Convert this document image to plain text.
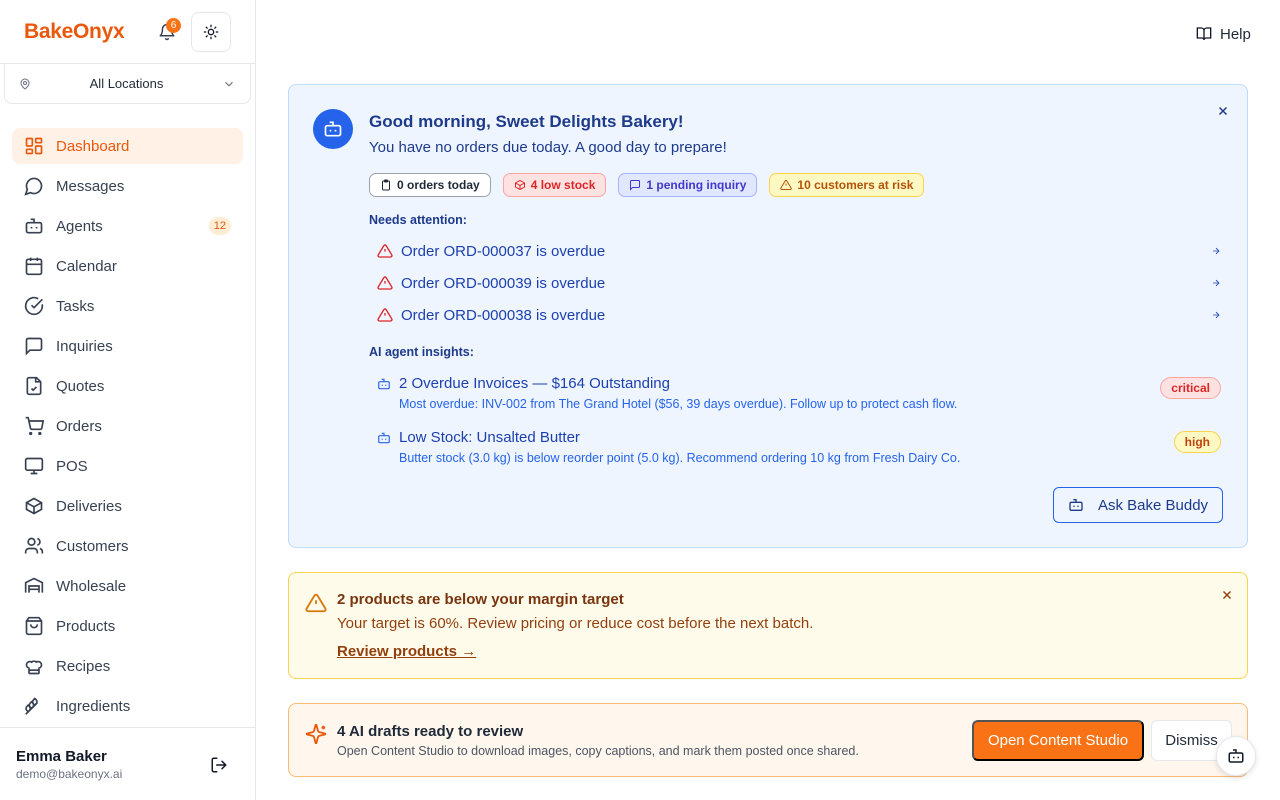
BakeOnyx	6
All Locations
Dashboard
Messages
Agents	12
Calendar
Tasks
Inquiries
Quotes
Orders
POS
Deliveries
Customers
Wholesale
Products
Recipes
Ingredients
Emma Baker
demo@bakeonyx.ai
Help
Good morning, Sweet Delights Bakery!
You have no orders due today. A good day to prepare!
0 orders today	4 low stock	1 pending inquiry	10 customers at risk
Needs attention:
Order ORD-000037 is overdue
Order ORD-000039 is overdue
Order ORD-000038 is overdue
AI agent insights:
2 Overdue Invoices — $164 Outstanding
Most overdue: INV-002 from The Grand Hotel ($56, 39 days overdue). Follow up to protect cash flow.
critical
Low Stock: Unsalted Butter
Butter stock (3.0 kg) is below reorder point (5.0 kg). Recommend ordering 10 kg from Fresh Dairy Co.
high
Ask Bake Buddy
2 products are below your margin target
Your target is 60%. Review pricing or reduce cost before the next batch.
Review products →
4 AI drafts ready to review
Open Content Studio to download images, copy captions, and mark them posted once shared.
Open Content Studio	Dismiss
